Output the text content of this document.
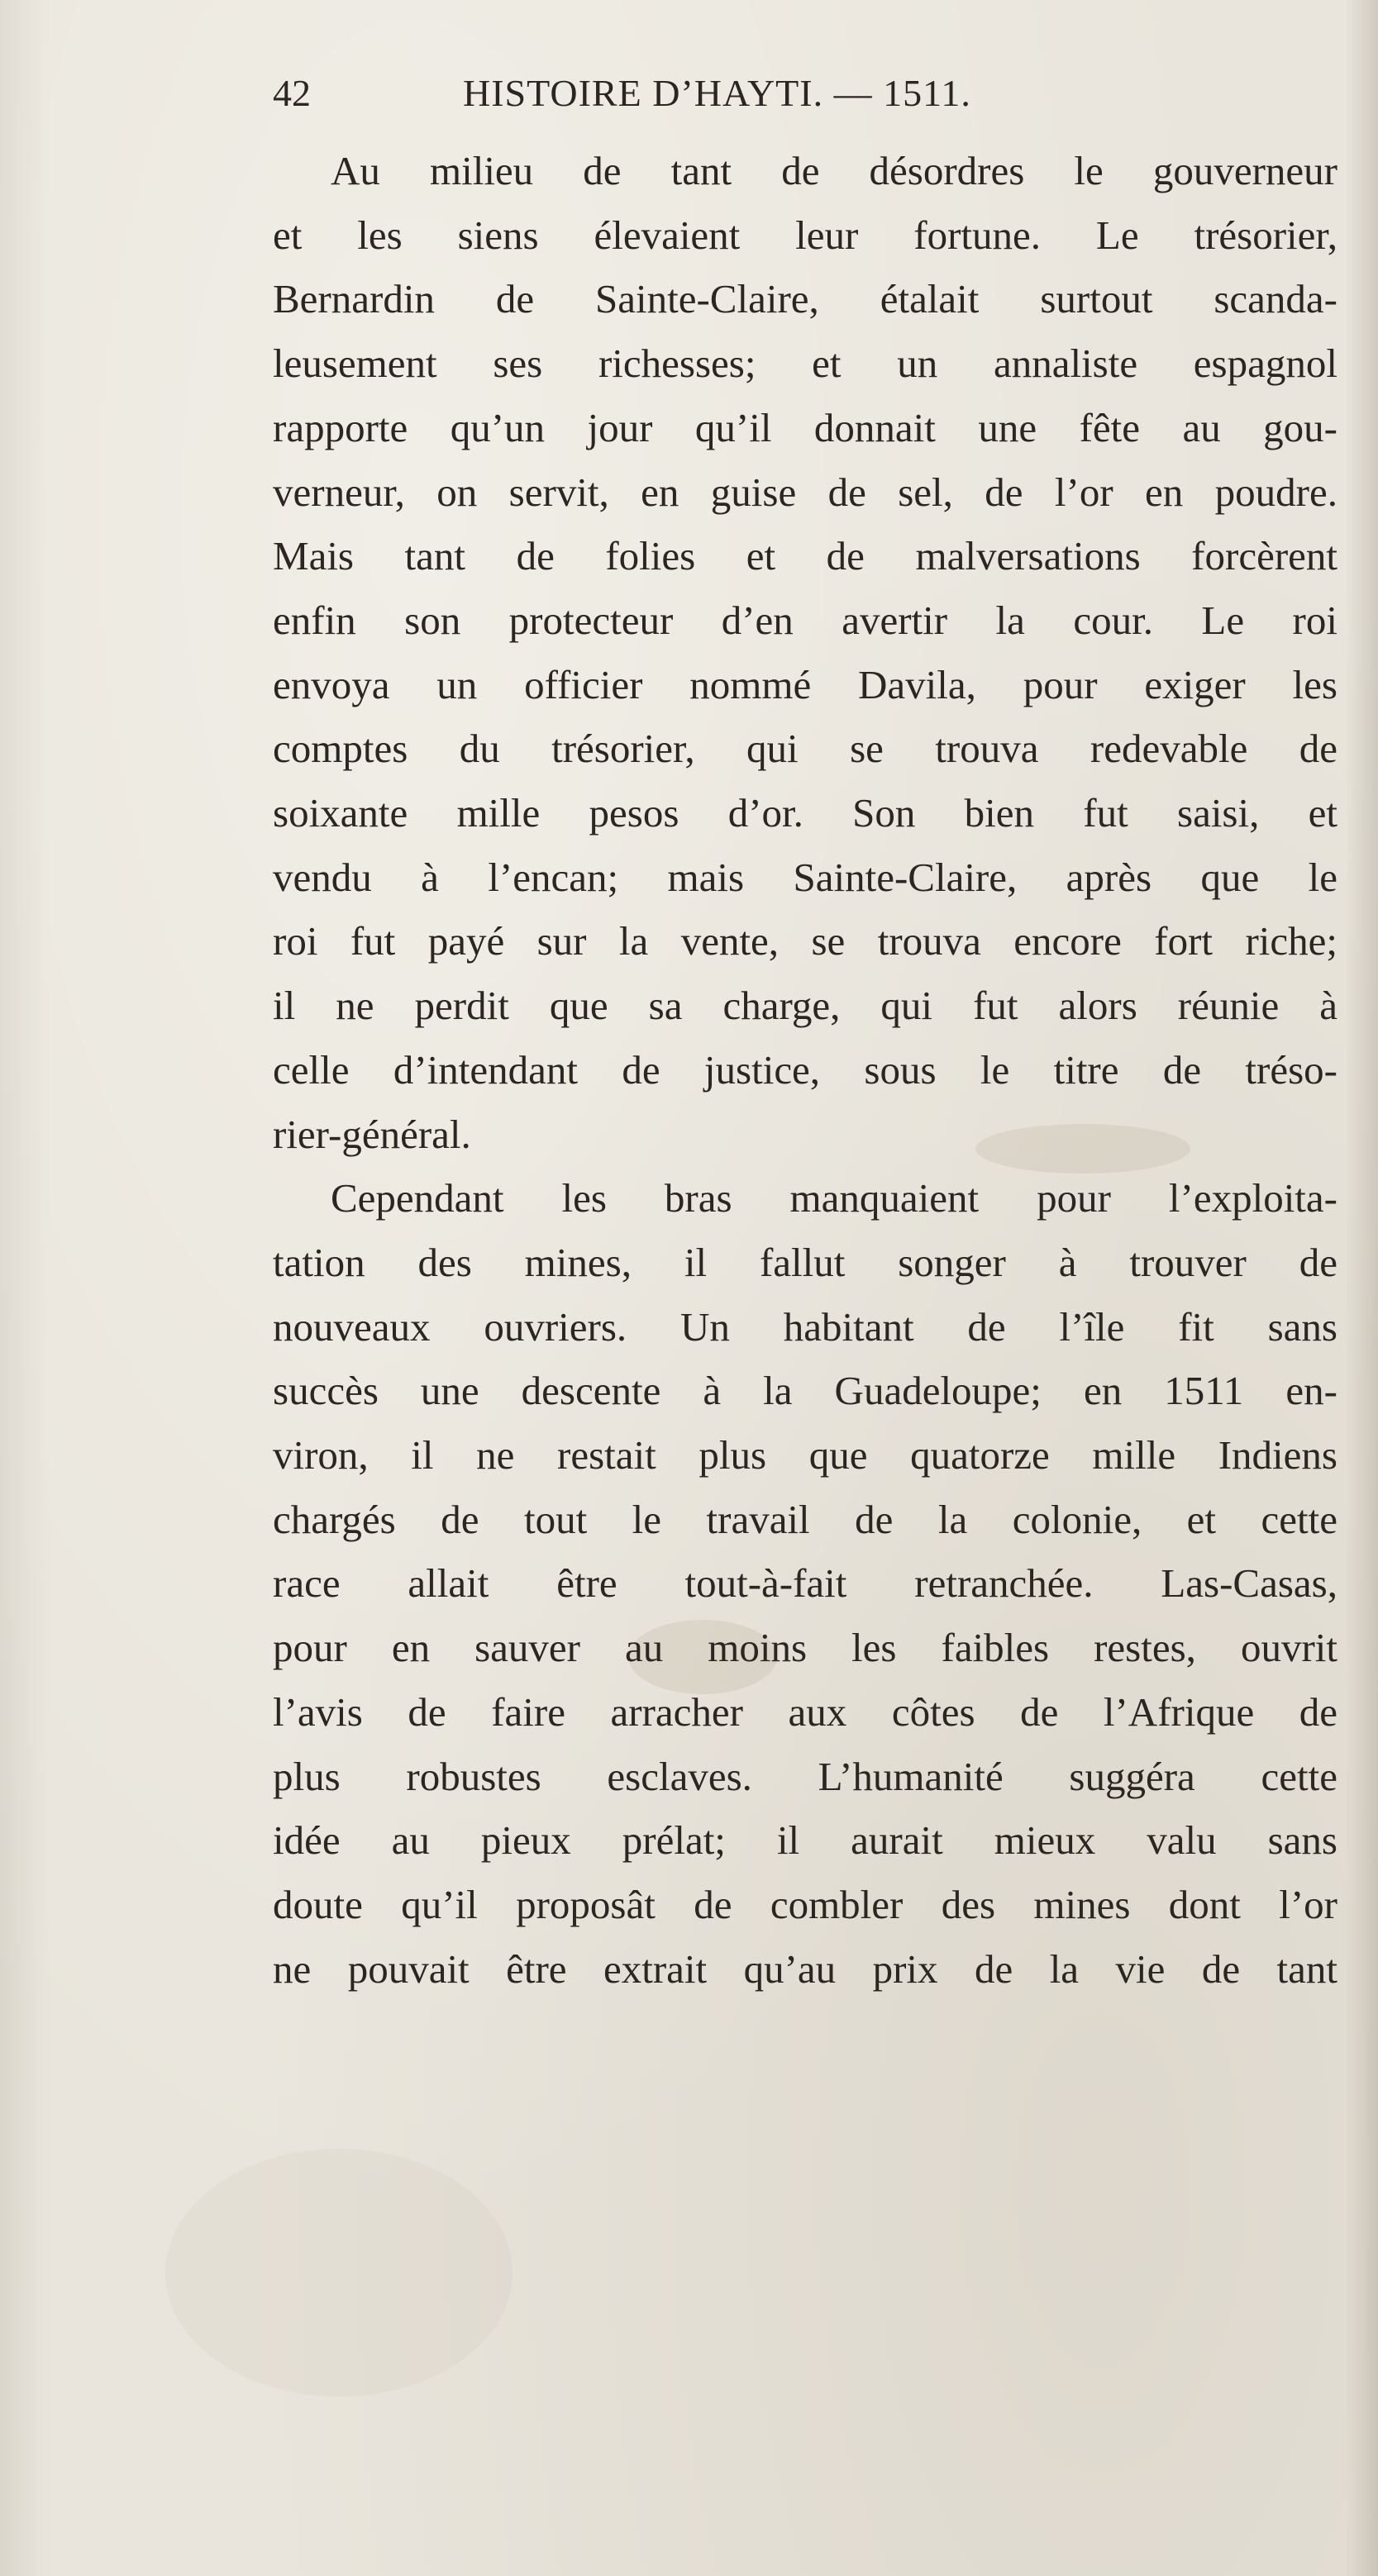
42	HISTOIRE D’HAYTI. — 1511.
Au milieu de tant de désordres le gouverneur
et les siens élevaient leur fortune. Le trésorier,
Bernardin de Sainte-Claire, étalait surtout scanda-
leusement ses richesses; et un annaliste espagnol
rapporte qu’un jour qu’il donnait une fête au gou-
verneur, on servit, en guise de sel, de l’or en poudre.
Mais tant de folies et de malversations forcèrent
enfin son protecteur d’en avertir la cour. Le roi
envoya un officier nommé Davila, pour exiger les
comptes du trésorier, qui se trouva redevable de
soixante mille pesos d’or. Son bien fut saisi, et
vendu à l’encan; mais Sainte-Claire, après que le
roi fut payé sur la vente, se trouva encore fort riche;
il ne perdit que sa charge, qui fut alors réunie à
celle d’intendant de justice, sous le titre de tréso-
rier-général.
Cependant les bras manquaient pour l’exploita-
tation des mines, il fallut songer à trouver de
nouveaux ouvriers. Un habitant de l’île fit sans
succès une descente à la Guadeloupe; en 1511 en-
viron, il ne restait plus que quatorze mille Indiens
chargés de tout le travail de la colonie, et cette
race allait être tout-à-fait retranchée. Las-Casas,
pour en sauver au moins les faibles restes, ouvrit
l’avis de faire arracher aux côtes de l’Afrique de
plus robustes esclaves. L’humanité suggéra cette
idée au pieux prélat; il aurait mieux valu sans
doute qu’il proposât de combler des mines dont l’or
ne pouvait être extrait qu’au prix de la vie de tant
